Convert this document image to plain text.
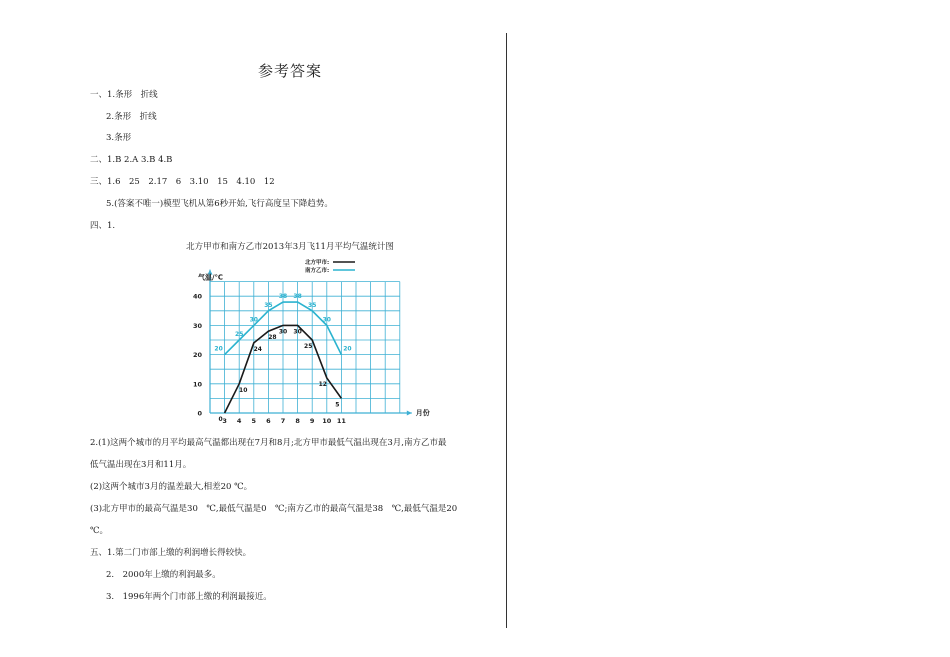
参考答案
一、1.条形　折线
2.条形　折线
3.条形
二、1.B 2.A 3.B 4.B
三、1.6　25　2.17　6　3.10　15　4.10　12
5.(答案不唯一)模型飞机从第6秒开始,飞行高度呈下降趋势。
四、1.
北方甲市和南方乙市2013年3月飞11月平均气温统计图
3 4 5 6 7 8 9 10 11
0
10
20
30
40
0
10
24
28
30 30
25
12
5
20
25
30
35
38 38
35
30
20
北方甲市:
南方乙市:
气温/℃
月份
2.(1)这两个城市的月平均最高气温都出现在7月和8月;北方甲市最低气温出现在3月,南方乙市最
低气温出现在3月和11月。
(2)这两个城市3月的温差最大,相差20 ℃。
(3)北方甲市的最高气温是30　℃,最低气温是0　℃;南方乙市的最高气温是38　℃,最低气温是20
℃。
五、1.第二门市部上缴的利润增长得较快。
2.　2000年上缴的利润最多。
3.　1996年两个门市部上缴的利润最接近。
